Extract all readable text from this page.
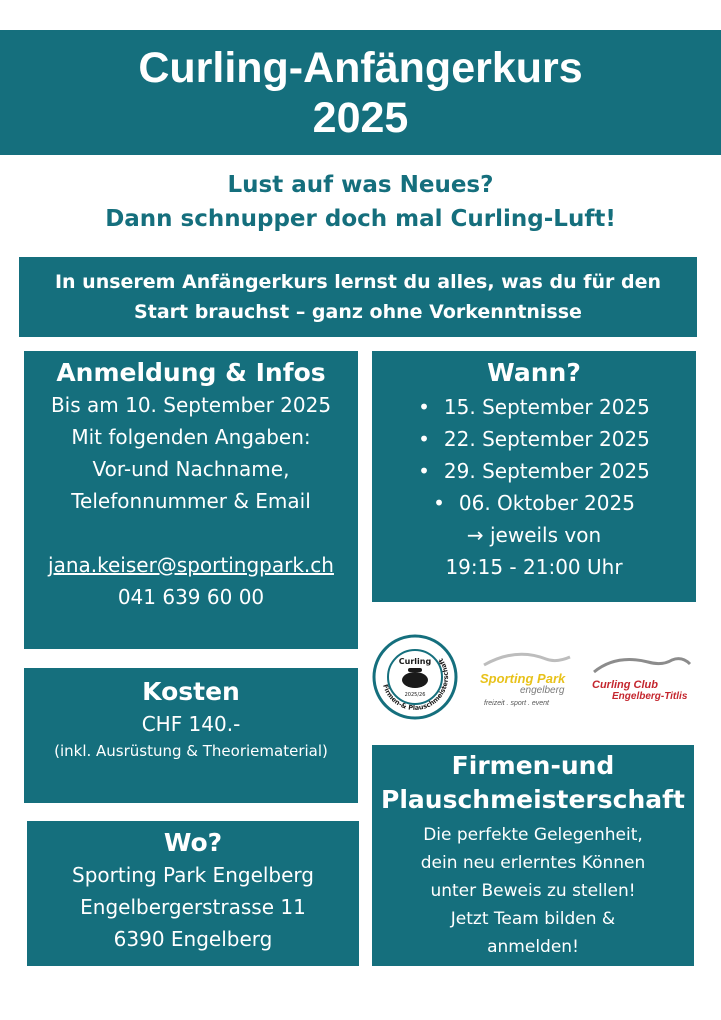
Curling-Anfängerkurs
2025
Lust auf was Neues?
Dann schnupper doch mal Curling-Luft!
In unserem Anfängerkurs lernst du alles, was du für den
Start brauchst – ganz ohne Vorkenntnisse
Anmeldung & Infos
Bis am 10. September 2025
Mit folgenden Angaben:
Vor-und Nachname,
Telefonnummer & Email
jana.keiser@sportingpark.ch
041 639 60 00
Wann?
• 15. September 2025
• 22. September 2025
• 29. September 2025
• 06. Oktober 2025
→ jeweils von
19:15 - 21:00 Uhr
Firmen-& Plauschmeisterschaft
Curling
2025/26
Sporting Park
engelberg
freizeit . sport . event
Curling Club
Engelberg-Titlis
Kosten
CHF 140.-
(inkl. Ausrüstung & Theoriematerial)
Wo?
Sporting Park Engelberg
Engelbergerstrasse 11
6390 Engelberg
Firmen-und
Plauschmeisterschaft
Die perfekte Gelegenheit,
dein neu erlerntes Können
unter Beweis zu stellen!
Jetzt Team bilden &
anmelden!
